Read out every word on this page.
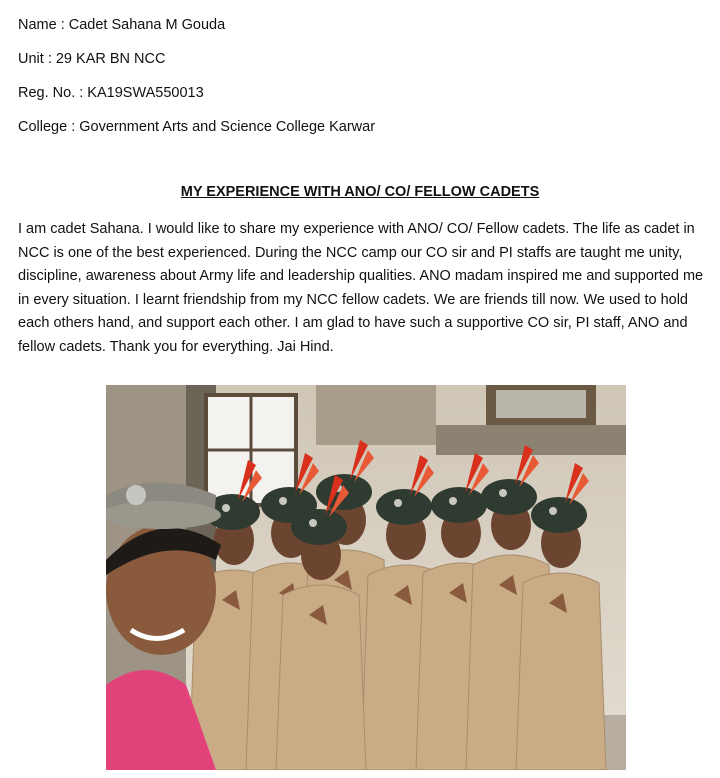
Name : Cadet Sahana M Gouda
Unit : 29 KAR BN NCC
Reg. No. : KA19SWA550013
College : Government Arts and Science College Karwar
MY EXPERIENCE WITH ANO/ CO/ FELLOW CADETS

I am cadet Sahana. I would like to share my experience with ANO/ CO/ Fellow cadets. The life as cadet in NCC is one of the best experienced. During the NCC camp our CO sir and PI staffs are taught me unity, discipline, awareness about Army life and leadership qualities. ANO madam inspired me and supported me in every situation. I learnt friendship from my NCC fellow cadets. We are friends till now. We used to hold each others hand, and support each other. I am glad to have such a supportive CO sir, PI staff, ANO and fellow cadets. Thank you for everything. Jai Hind.
